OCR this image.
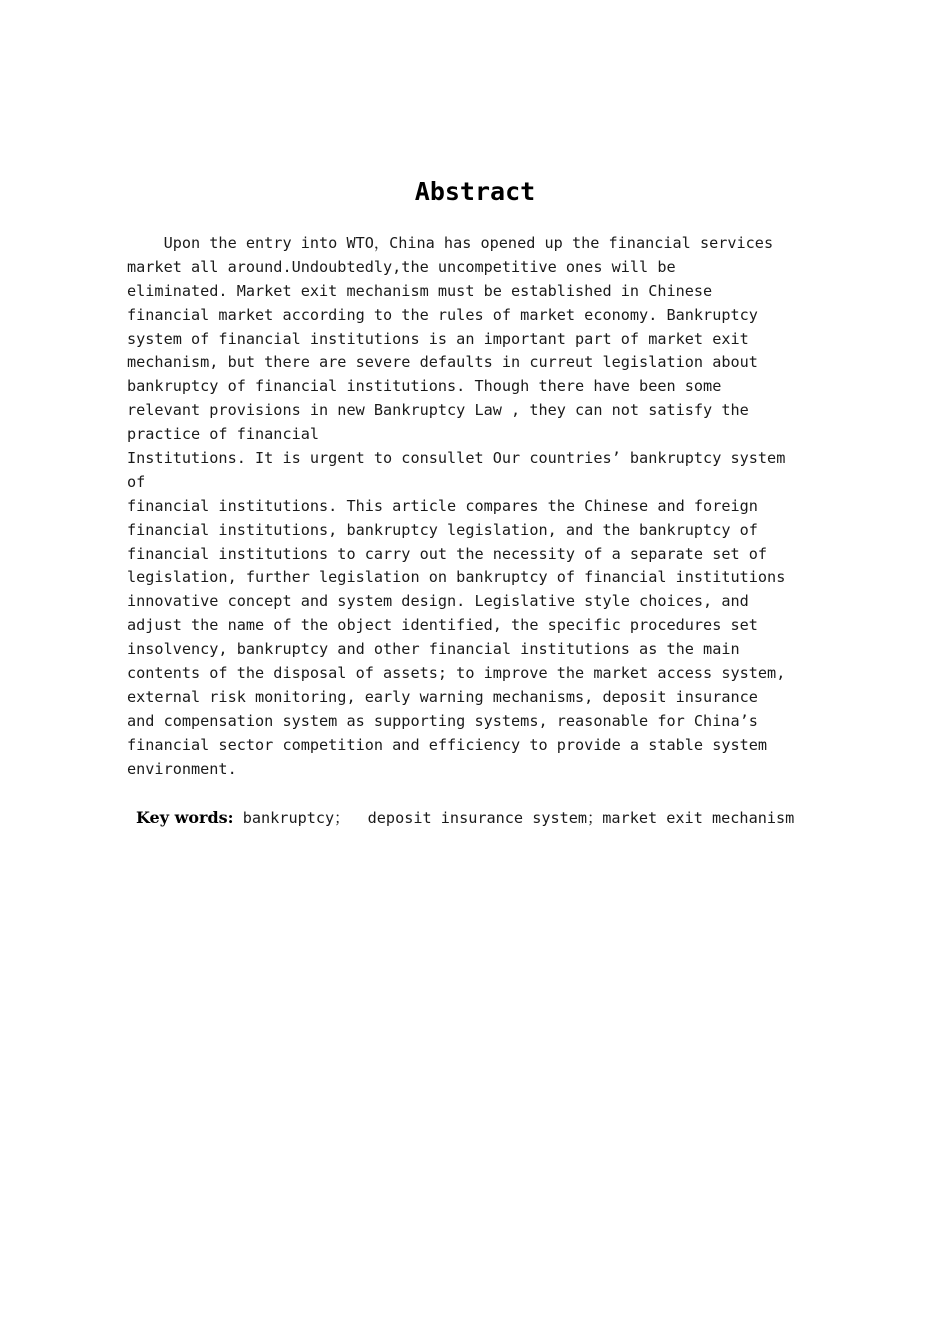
Abstract
Upon the entry into WTO，China has opened up the financial services
market all around.Undoubtedly,the uncompetitive ones will be
eliminated. Market exit mechanism must be established in Chinese
financial market according to the rules of market economy. Bankruptcy
system of financial institutions is an important part of market exit
mechanism, but there are severe defaults in curreut legislation about
bankruptcy of financial institutions. Though there have been some
relevant provisions in new Bankruptcy Law , they can not satisfy the
practice of financial
Institutions. It is urgent to consullet Our countries’ bankruptcy system
of
financial institutions. This article compares the Chinese and foreign
financial institutions, bankruptcy legislation, and the bankruptcy of
financial institutions to carry out the necessity of a separate set of
legislation, further legislation on bankruptcy of financial institutions
innovative concept and system design. Legislative style choices, and
adjust the name of the object identified, the specific procedures set
insolvency, bankruptcy and other financial institutions as the main
contents of the disposal of assets; to improve the market access system,
external risk monitoring, early warning mechanisms, deposit insurance
and compensation system as supporting systems, reasonable for China’s
financial sector competition and efficiency to provide a stable system
environment.
Key words: bankruptcy；  deposit insurance system；market exit mechanism
